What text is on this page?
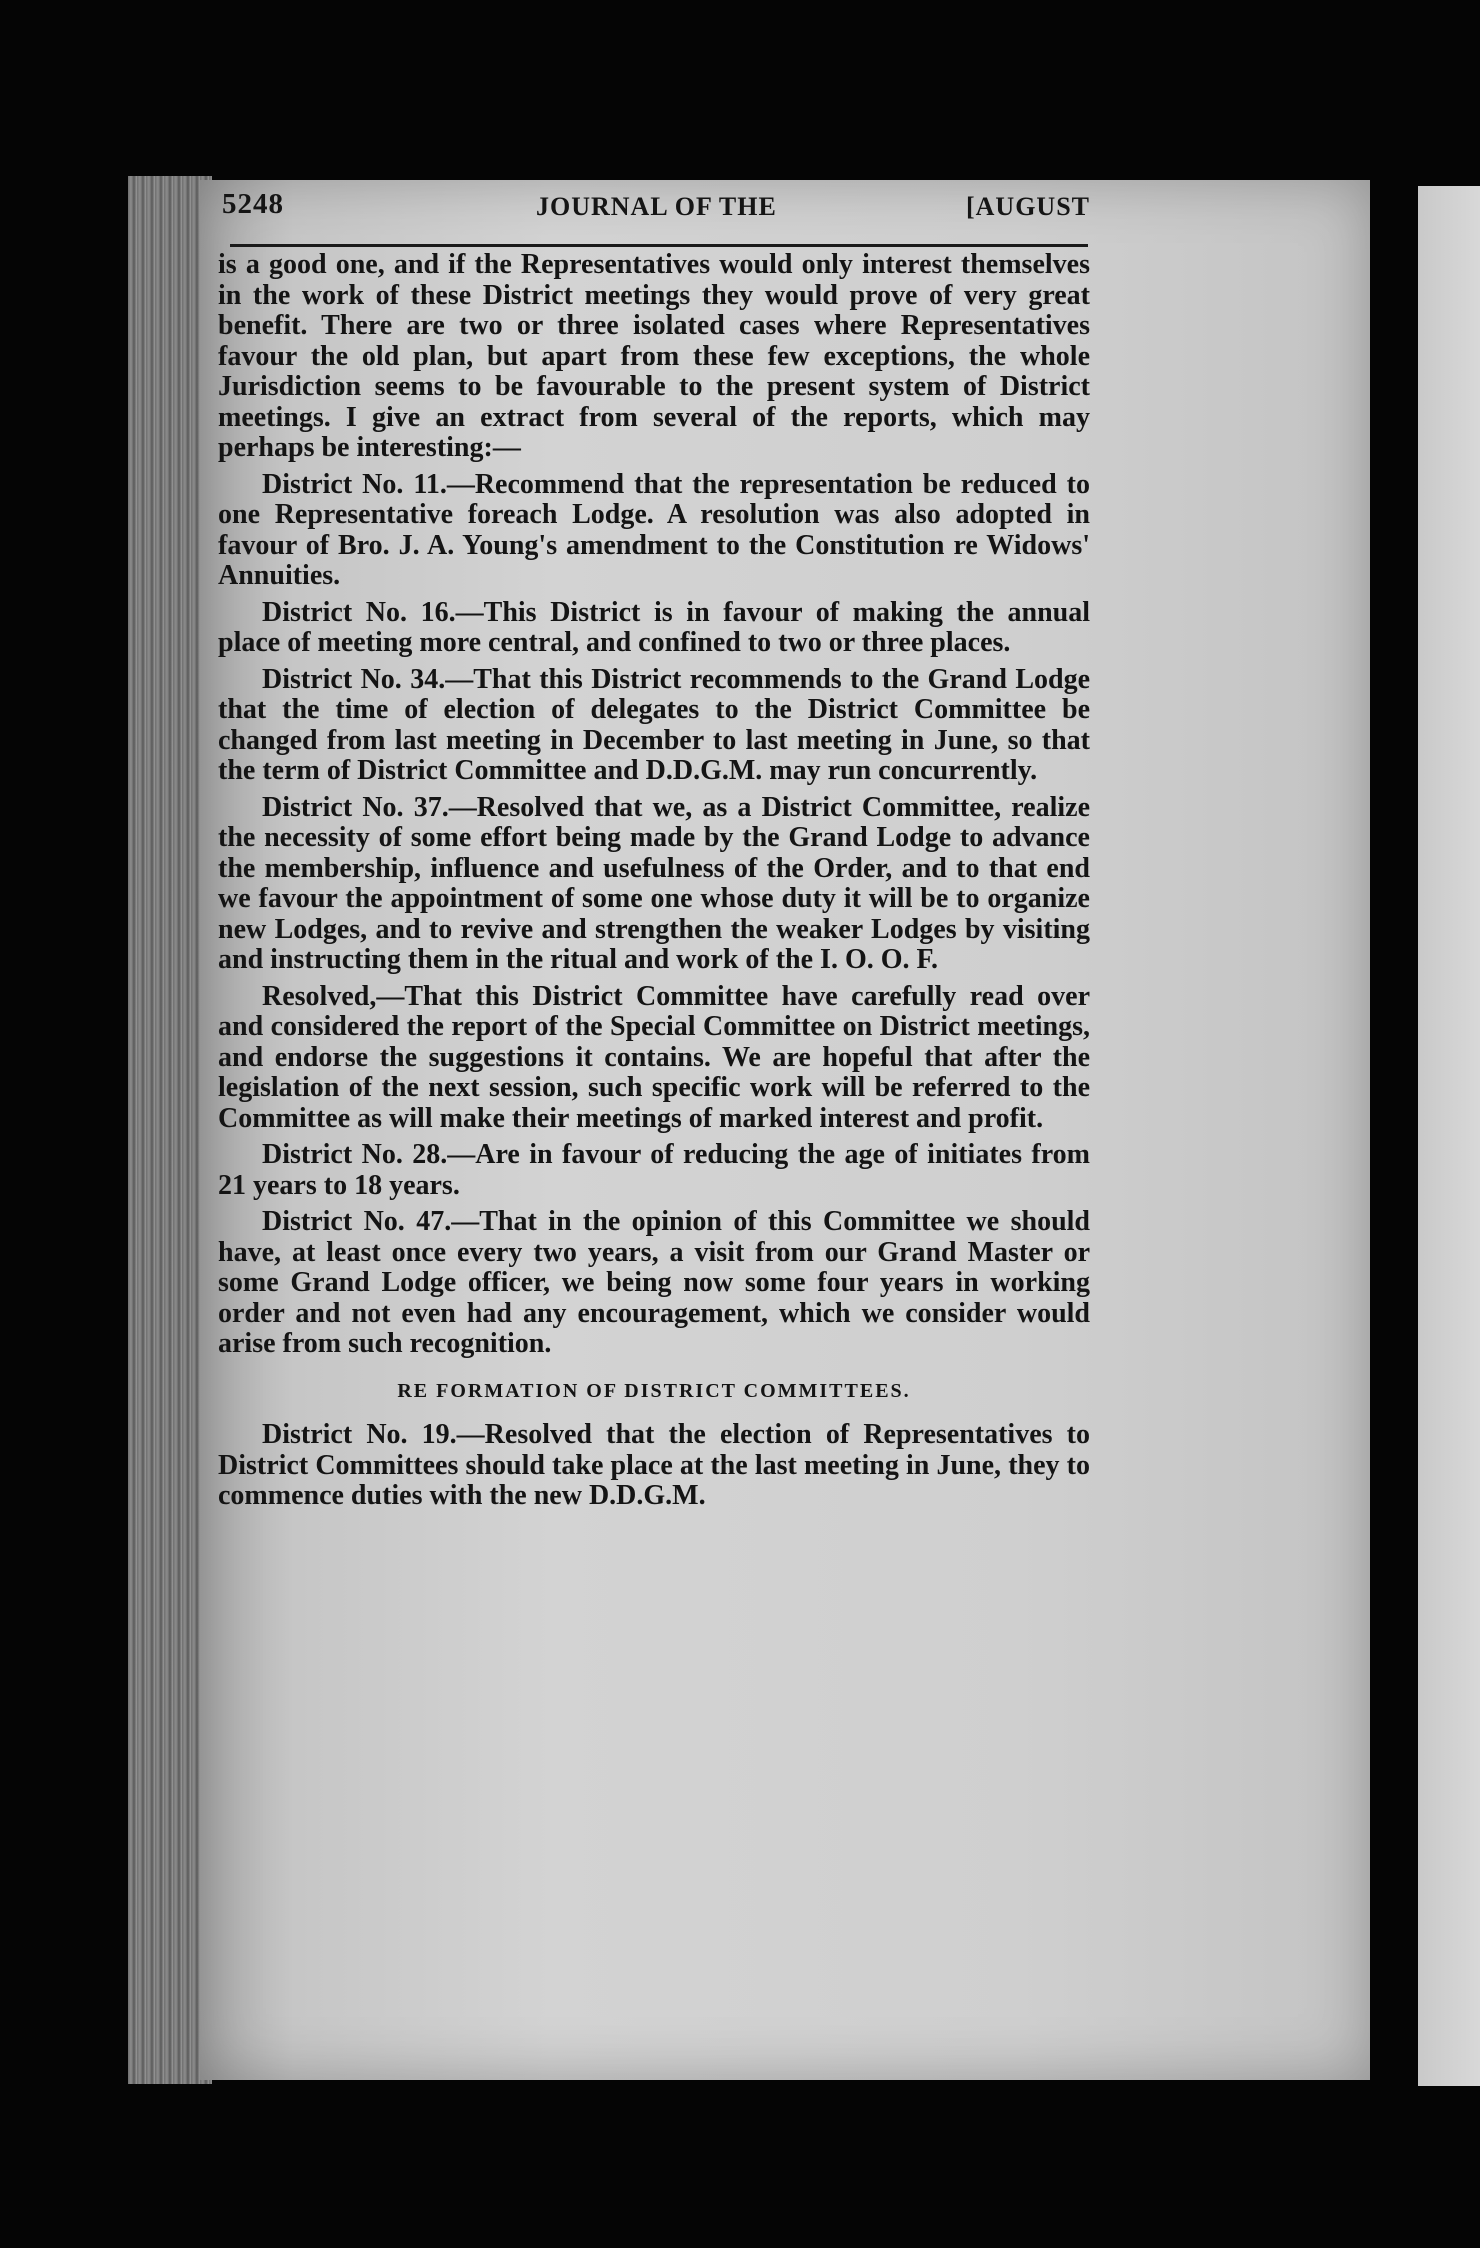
5248	JOURNAL OF THE	[AUGUST

is a good one, and if the Representatives would only interest themselves in the work of these District meetings they would prove of very great benefit. There are two or three isolated cases where Representatives favour the old plan, but apart from these few exceptions, the whole Jurisdiction seems to be favourable to the present system of District meetings. I give an extract from several of the reports, which may perhaps be interesting:—

District No. 11.—Recommend that the representation be reduced to one Representative foreach Lodge. A resolution was also adopted in favour of Bro. J. A. Young's amendment to the Constitution re Widows' Annuities.

District No. 16.—This District is in favour of making the annual place of meeting more central, and confined to two or three places.

District No. 34.—That this District recommends to the Grand Lodge that the time of election of delegates to the District Committee be changed from last meeting in December to last meeting in June, so that the term of District Committee and D.D.G.M. may run concurrently.

District No. 37.—Resolved that we, as a District Committee, realize the necessity of some effort being made by the Grand Lodge to advance the membership, influence and usefulness of the Order, and to that end we favour the appointment of some one whose duty it will be to organize new Lodges, and to revive and strengthen the weaker Lodges by visiting and instructing them in the ritual and work of the I. O. O. F.

Resolved,—That this District Committee have carefully read over and considered the report of the Special Committee on District meetings, and endorse the suggestions it contains. We are hopeful that after the legislation of the next session, such specific work will be referred to the Committee as will make their meetings of marked interest and profit.

District No. 28.—Are in favour of reducing the age of initiates from 21 years to 18 years.

District No. 47.—That in the opinion of this Committee we should have, at least once every two years, a visit from our Grand Master or some Grand Lodge officer, we being now some four years in working order and not even had any encouragement, which we consider would arise from such recognition.

RE FORMATION OF DISTRICT COMMITTEES.

District No. 19.—Resolved that the election of Representatives to District Committees should take place at the last meeting in June, they to commence duties with the new D.D.G.M.
